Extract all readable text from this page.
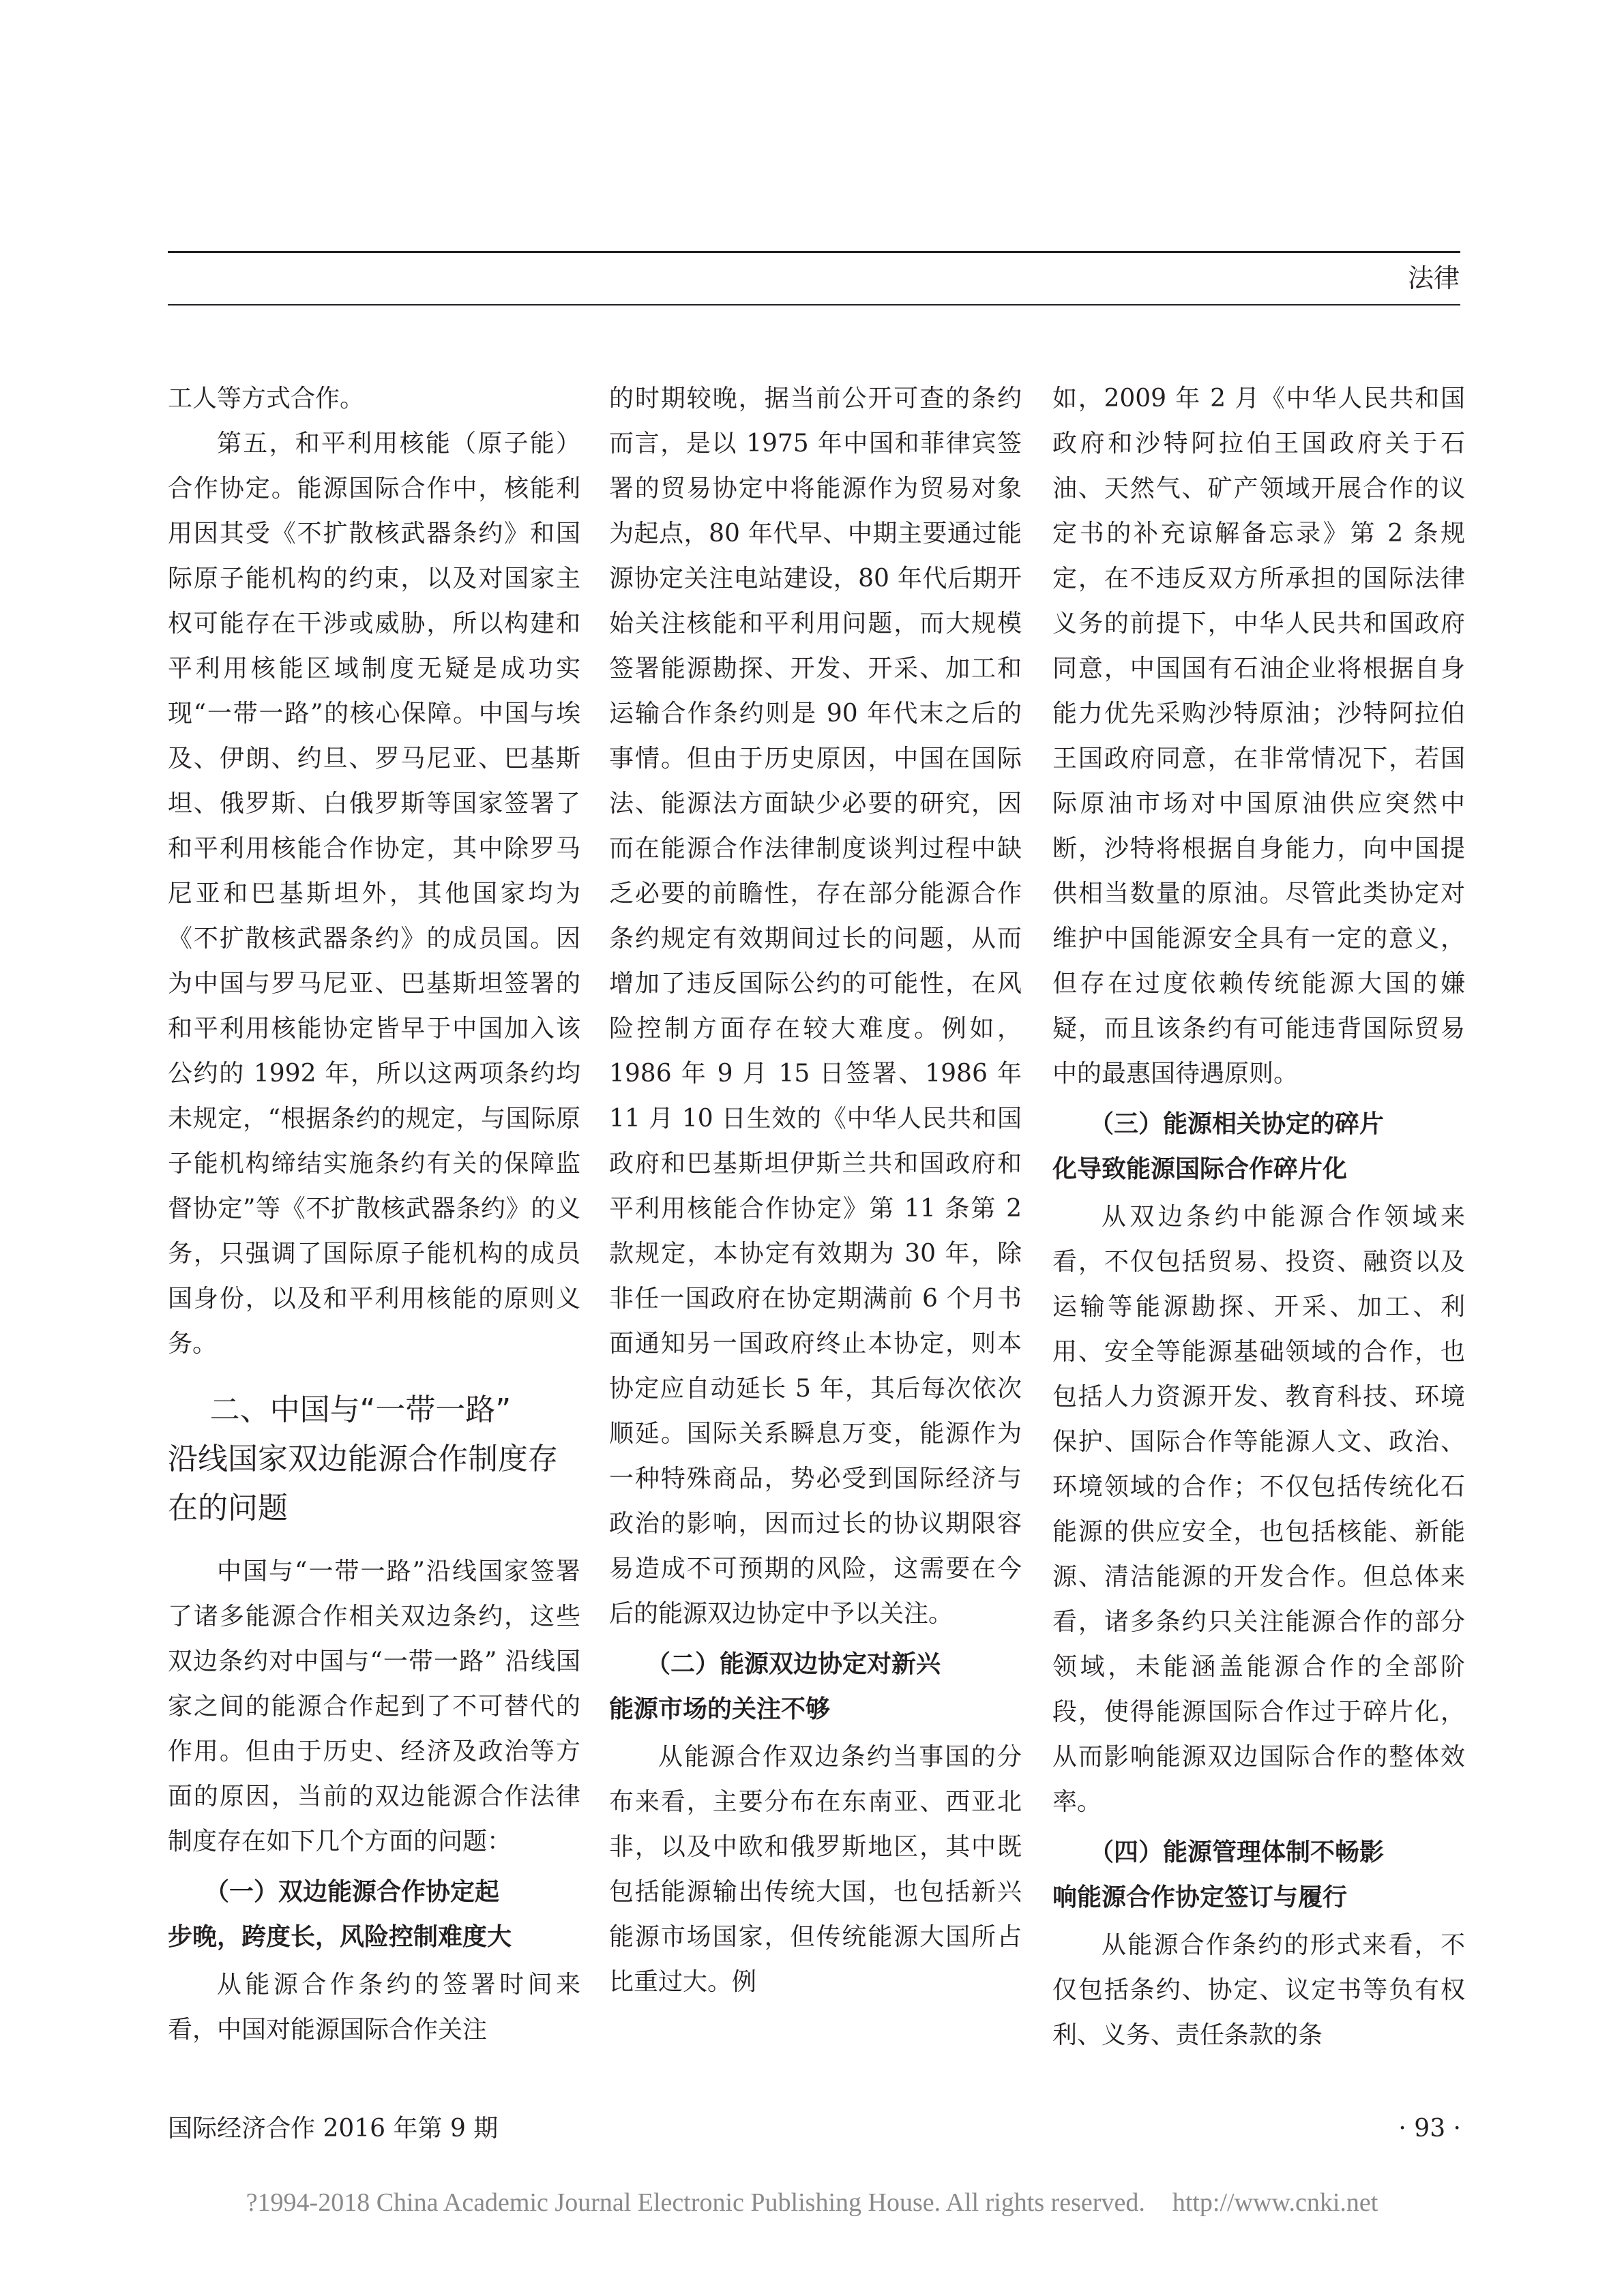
法律

工人等方式合作。

第五，和平利用核能（原子能）合作协定。能源国际合作中，核能利用因其受《不扩散核武器条约》和国际原子能机构的约束，以及对国家主权可能存在干涉或威胁，所以构建和平利用核能区域制度无疑是成功实现“一带一路”的核心保障。中国与埃及、伊朗、约旦、罗马尼亚、巴基斯坦、俄罗斯、白俄罗斯等国家签署了和平利用核能合作协定，其中除罗马尼亚和巴基斯坦外，其他国家均为《不扩散核武器条约》的成员国。因为中国与罗马尼亚、巴基斯坦签署的和平利用核能协定皆早于中国加入该公约的 1992 年，所以这两项条约均未规定，“根据条约的规定，与国际原子能机构缔结实施条约有关的保障监督协定”等《不扩散核武器条约》的义务，只强调了国际原子能机构的成员国身份，以及和平利用核能的原则义务。

二、中国与“一带一路”
沿线国家双边能源合作制度存在的问题

中国与“一带一路”沿线国家签署了诸多能源合作相关双边条约，这些双边条约对中国与“一带一路” 沿线国家之间的能源合作起到了不可替代的作用。但由于历史、经济及政治等方面的原因，当前的双边能源合作法律制度存在如下几个方面的问题：

（一）双边能源合作协定起
步晚，跨度长，风险控制难度大

从能源合作条约的签署时间来看，中国对能源国际合作关注

的时期较晚，据当前公开可查的条约而言，是以 1975 年中国和菲律宾签署的贸易协定中将能源作为贸易对象为起点，80 年代早、中期主要通过能源协定关注电站建设，80 年代后期开始关注核能和平利用问题，而大规模签署能源勘探、开发、开采、加工和运输合作条约则是 90 年代末之后的事情。但由于历史原因，中国在国际法、能源法方面缺少必要的研究，因而在能源合作法律制度谈判过程中缺乏必要的前瞻性，存在部分能源合作条约规定有效期间过长的问题，从而增加了违反国际公约的可能性，在风险控制方面存在较大难度。例如，1986 年 9 月 15 日签署、1986 年 11 月 10 日生效的《中华人民共和国政府和巴基斯坦伊斯兰共和国政府和平利用核能合作协定》第 11 条第 2 款规定，本协定有效期为 30 年，除非任一国政府在协定期满前 6 个月书面通知另一国政府终止本协定，则本协定应自动延长 5 年，其后每次依次顺延。国际关系瞬息万变，能源作为一种特殊商品，势必受到国际经济与政治的影响，因而过长的协议期限容易造成不可预期的风险，这需要在今后的能源双边协定中予以关注。

（二）能源双边协定对新兴
能源市场的关注不够

从能源合作双边条约当事国的分布来看，主要分布在东南亚、西亚北非，以及中欧和俄罗斯地区，其中既包括能源输出传统大国，也包括新兴能源市场国家，但传统能源大国所占比重过大。例

如，2009 年 2 月《中华人民共和国政府和沙特阿拉伯王国政府关于石油、天然气、矿产领域开展合作的议定书的补充谅解备忘录》第 2 条规定，在不违反双方所承担的国际法律义务的前提下，中华人民共和国政府同意，中国国有石油企业将根据自身能力优先采购沙特原油；沙特阿拉伯王国政府同意，在非常情况下，若国际原油市场对中国原油供应突然中断，沙特将根据自身能力，向中国提供相当数量的原油。尽管此类协定对维护中国能源安全具有一定的意义，但存在过度依赖传统能源大国的嫌疑，而且该条约有可能违背国际贸易中的最惠国待遇原则。

（三）能源相关协定的碎片
化导致能源国际合作碎片化

从双边条约中能源合作领域来看，不仅包括贸易、投资、融资以及运输等能源勘探、开采、加工、利用、安全等能源基础领域的合作，也包括人力资源开发、教育科技、环境保护、国际合作等能源人文、政治、环境领域的合作；不仅包括传统化石能源的供应安全，也包括核能、新能源、清洁能源的开发合作。但总体来看，诸多条约只关注能源合作的部分领域，未能涵盖能源合作的全部阶段，使得能源国际合作过于碎片化，从而影响能源双边国际合作的整体效率。

（四）能源管理体制不畅影
响能源合作协定签订与履行

从能源合作条约的形式来看，不仅包括条约、协定、议定书等负有权利、义务、责任条款的条

国际经济合作 2016 年第 9 期	· 93 ·
?1994-2018 China Academic Journal Electronic Publishing House. All rights reserved. http://www.cnki.net
